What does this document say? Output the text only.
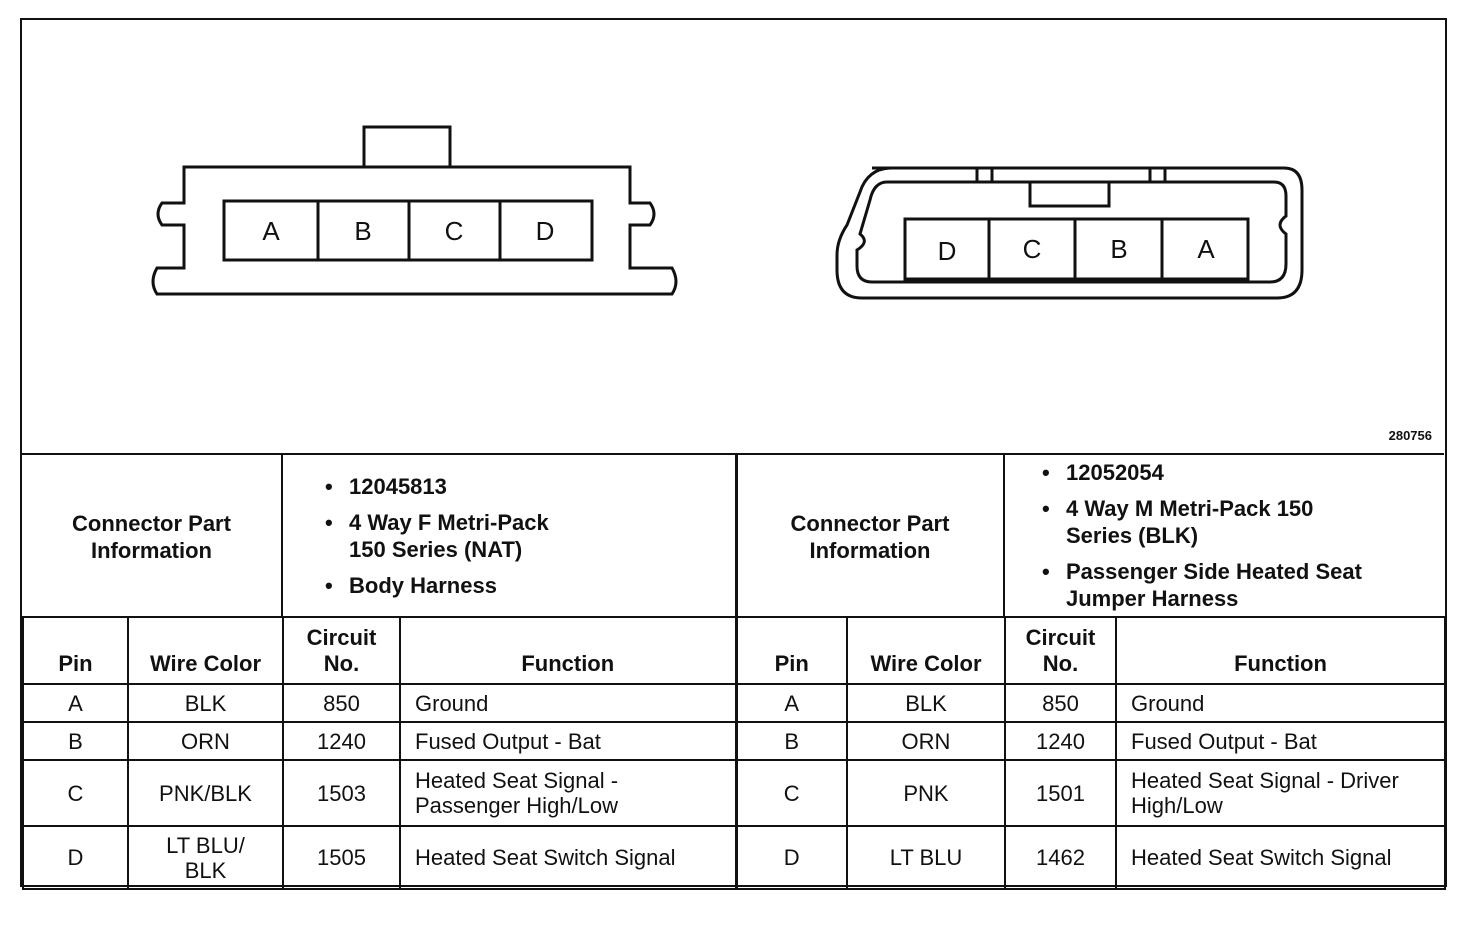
A	B	C	D
D	C	B	A
280756
Connector Part Information
• 12045813
• 4 Way F Metri-Pack 150 Series (NAT)
• Body Harness
Connector Part Information
• 12052054
• 4 Way M Metri-Pack 150 Series (BLK)
• Passenger Side Heated Seat Jumper Harness
Pin	Wire Color	Circuit No.	Function	Pin	Wire Color	Circuit No.	Function
A	BLK	850	Ground	A	BLK	850	Ground
B	ORN	1240	Fused Output - Bat	B	ORN	1240	Fused Output - Bat
C	PNK/BLK	1503	Heated Seat Signal - Passenger High/Low	C	PNK	1501	Heated Seat Signal - Driver High/Low
D	LT BLU/ BLK	1505	Heated Seat Switch Signal	D	LT BLU	1462	Heated Seat Switch Signal
